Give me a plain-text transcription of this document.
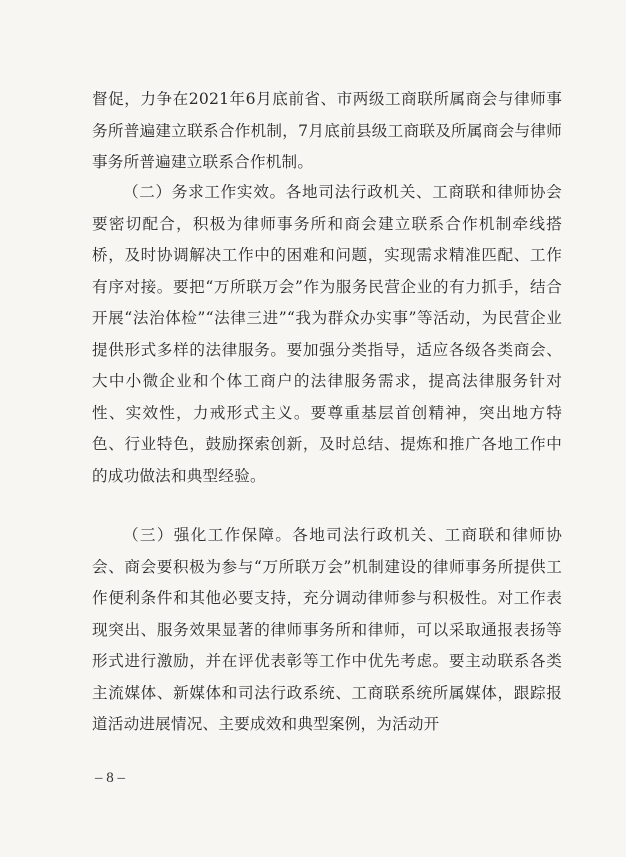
督促，力争在2021年6月底前省、市两级工商联所属商会与律师事务所普遍建立联系合作机制，7月底前县级工商联及所属商会与律师事务所普遍建立联系合作机制。

（二）务求工作实效。各地司法行政机关、工商联和律师协会要密切配合，积极为律师事务所和商会建立联系合作机制牵线搭桥，及时协调解决工作中的困难和问题，实现需求精准匹配、工作有序对接。要把“万所联万会”作为服务民营企业的有力抓手，结合开展“法治体检”“法律三进”“我为群众办实事”等活动，为民营企业提供形式多样的法律服务。要加强分类指导，适应各级各类商会、大中小微企业和个体工商户的法律服务需求，提高法律服务针对性、实效性，力戒形式主义。要尊重基层首创精神，突出地方特色、行业特色，鼓励探索创新，及时总结、提炼和推广各地工作中的成功做法和典型经验。

（三）强化工作保障。各地司法行政机关、工商联和律师协会、商会要积极为参与“万所联万会”机制建设的律师事务所提供工作便利条件和其他必要支持，充分调动律师参与积极性。对工作表现突出、服务效果显著的律师事务所和律师，可以采取通报表扬等形式进行激励，并在评优表彰等工作中优先考虑。要主动联系各类主流媒体、新媒体和司法行政系统、工商联系统所属媒体，跟踪报道活动进展情况、主要成效和典型案例，为活动开

– 8 –
